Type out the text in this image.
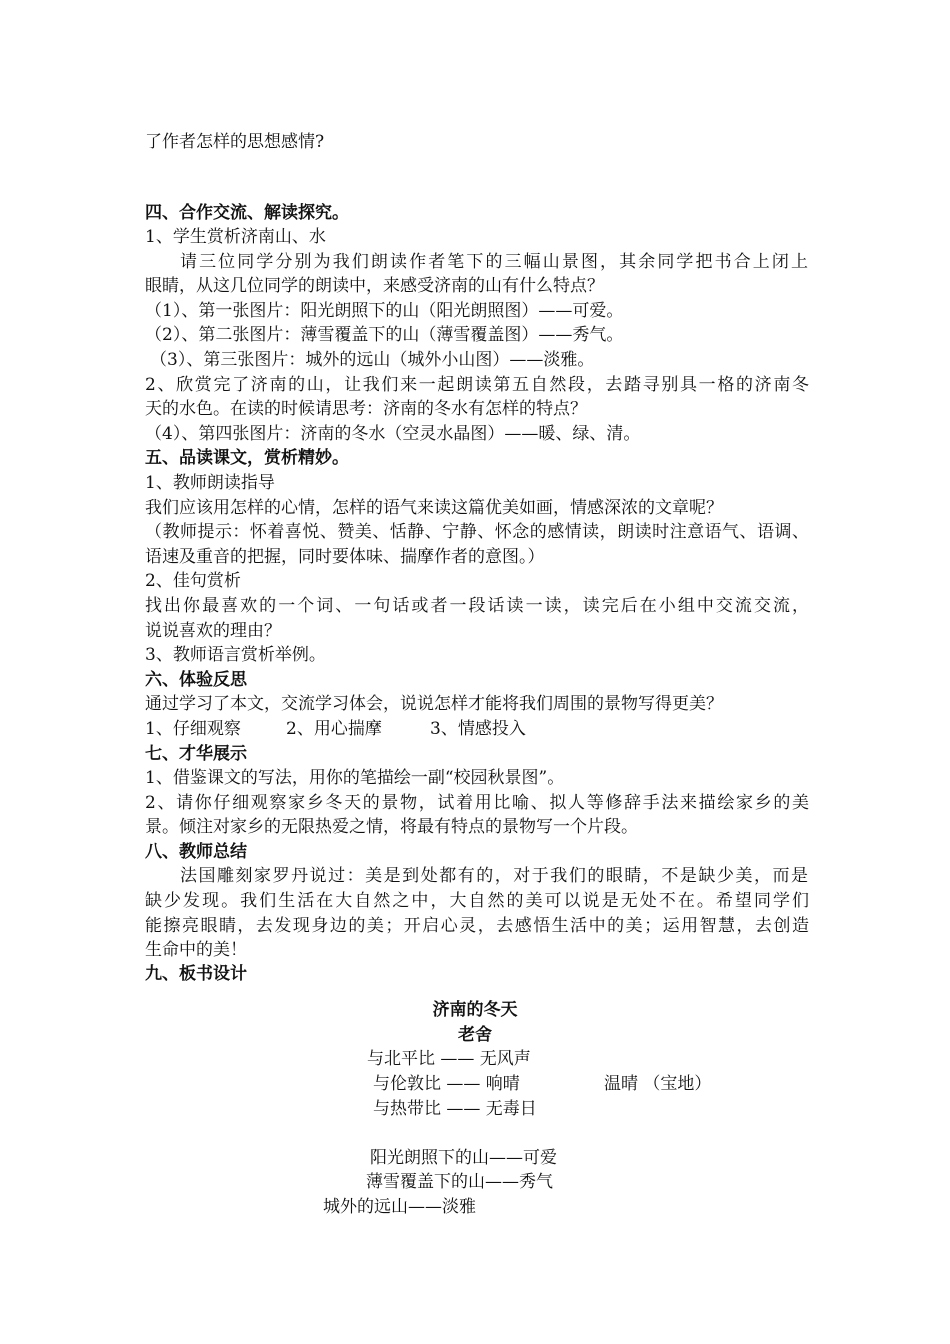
了作者怎样的思想感情?
四、合作交流、解读探究。
1、学生赏析济南山、水
请三位同学分别为我们朗读作者笔下的三幅山景图，其余同学把书合上闭上
眼睛，从这几位同学的朗读中，来感受济南的山有什么特点？
（1）、第一张图片：阳光朗照下的山（阳光朗照图）——可爱。
（2）、第二张图片：薄雪覆盖下的山（薄雪覆盖图）——秀气。
（3）、第三张图片：城外的远山（城外小山图）——淡雅。
2、欣赏完了济南的山，让我们来一起朗读第五自然段，去踏寻别具一格的济南冬
天的水色。在读的时候请思考：济南的冬水有怎样的特点？
（4）、第四张图片：济南的冬水（空灵水晶图）——暖、绿、清。
五、品读课文，赏析精妙。
1、教师朗读指导
我们应该用怎样的心情，怎样的语气来读这篇优美如画，情感深浓的文章呢？
（教师提示：怀着喜悦、赞美、恬静、宁静、怀念的感情读，朗读时注意语气、语调、
语速及重音的把握，同时要体味、揣摩作者的意图。）
2、佳句赏析
找出你最喜欢的一个词、一句话或者一段话读一读，读完后在小组中交流交流，
说说喜欢的理由？
3、教师语言赏析举例。
六、体验反思
通过学习了本文，交流学习体会，说说怎样才能将我们周围的景物写得更美？
1、仔细观察	2、用心揣摩	3、情感投入
七、才华展示
1、借鉴课文的写法，用你的笔描绘一副“校园秋景图”。
2、请你仔细观察家乡冬天的景物，试着用比喻、拟人等修辞手法来描绘家乡的美
景。倾注对家乡的无限热爱之情，将最有特点的景物写一个片段。
八、教师总结
法国雕刻家罗丹说过：美是到处都有的，对于我们的眼睛，不是缺少美，而是
缺少发现。我们生活在大自然之中，大自然的美可以说是无处不在。希望同学们
能擦亮眼睛，去发现身边的美；开启心灵，去感悟生活中的美；运用智慧，去创造
生命中的美！
九、板书设计
济南的冬天
老舍
与北平比 —— 无风声
与伦敦比 —— 响晴	温晴 （宝地）
与热带比 —— 无毒日
阳光朗照下的山——可爱
薄雪覆盖下的山——秀气
城外的远山——淡雅
